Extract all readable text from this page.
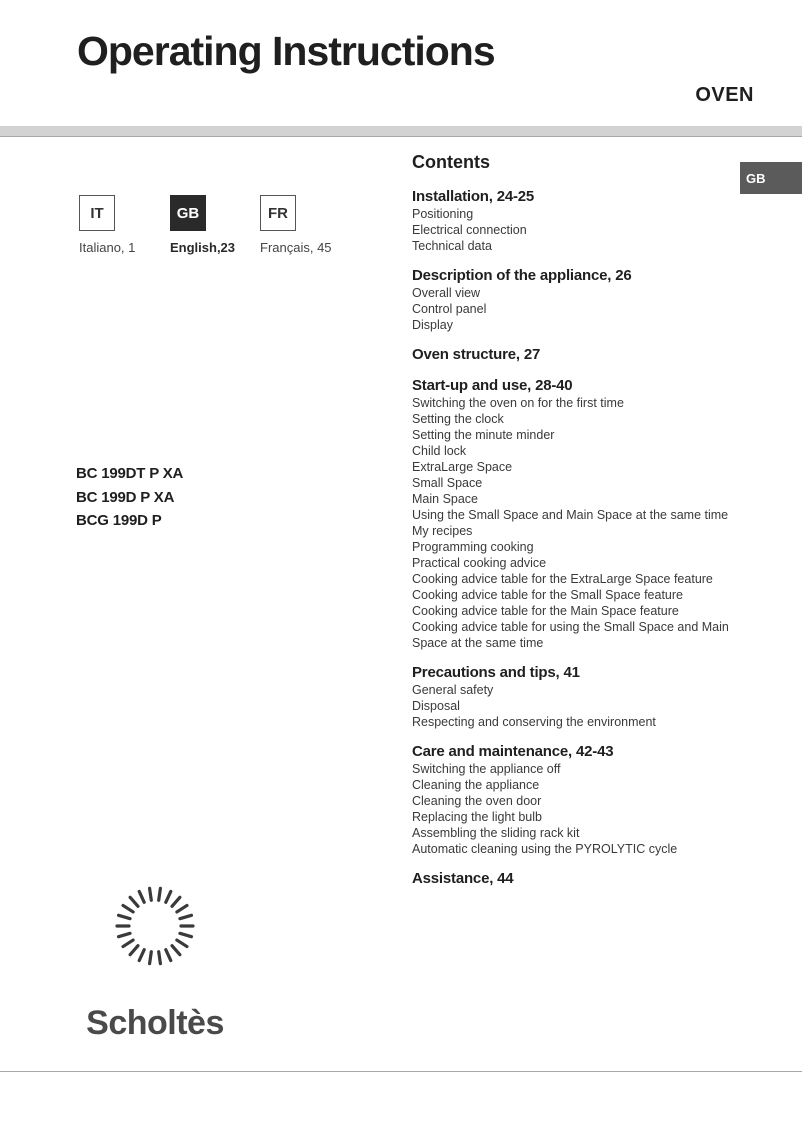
Operating Instructions
OVEN
GB
IT	GB	FR
Italiano, 1	English,23 Français, 45
BC 199DT P XA
BC 199D P XA
BCG 199D P
Contents
Installation, 24-25
Positioning
Electrical connection
Technical data
Description of the appliance, 26
Overall view
Control panel
Display
Oven structure, 27
Start-up and use, 28-40
Switching the oven on for the first time
Setting the clock
Setting the minute minder
Child lock
ExtraLarge Space
Small Space
Main Space
Using the Small Space and Main Space at the same time
My recipes
Programming cooking
Practical cooking advice
Cooking advice table for the ExtraLarge Space feature
Cooking advice table for the Small Space feature
Cooking advice table for the Main Space feature
Cooking advice table for using the Small Space and Main Space at the same time
Precautions and tips, 41
General safety
Disposal
Respecting and conserving the environment
Care and maintenance, 42-43
Switching the appliance off
Cleaning the appliance
Cleaning the oven door
Replacing the light bulb
Assembling the sliding rack kit
Automatic cleaning using the PYROLYTIC cycle
Assistance, 44
Scholtès
